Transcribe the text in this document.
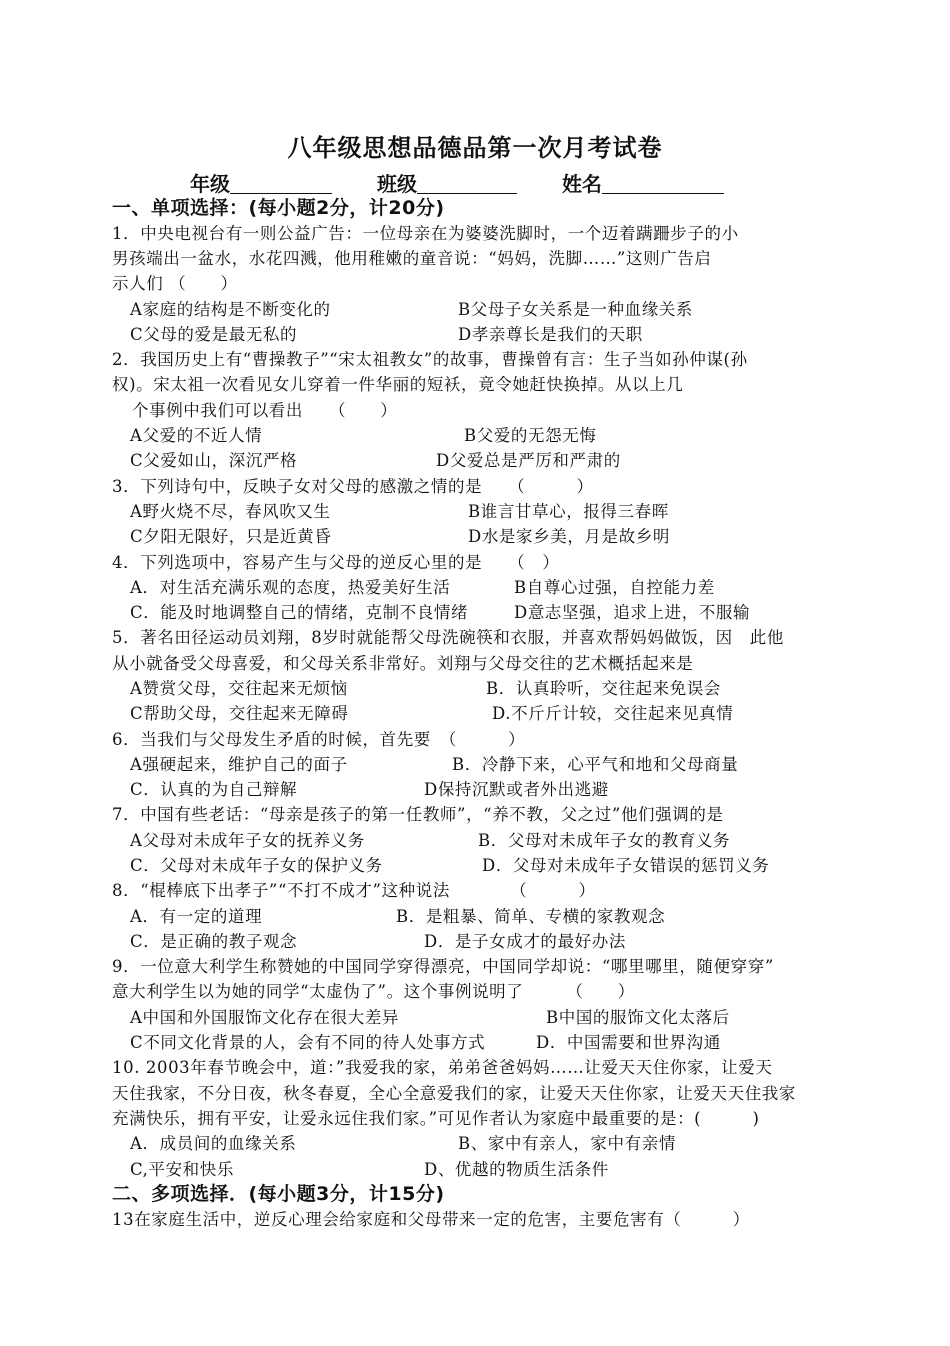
八年级思想品德品第一次月考试卷
年级	班级	姓名
一、单项选择：(每小题2分，计20分)
1．中央电视台有一则公益广告：一位母亲在为婆婆洗脚时，一个迈着蹒跚步子的小
男孩端出一盆水，水花四溅，他用稚嫩的童音说：“妈妈，洗脚……”这则广告启
示人们 （　　）
A家庭的结构是不断变化的	B父母子女关系是一种血缘关系
C父母的爱是最无私的	D孝亲尊长是我们的天职
2．我国历史上有“曹操教子”“宋太祖教女”的故事，曹操曾有言：生子当如孙仲谋(孙
权)。宋太祖一次看见女儿穿着一件华丽的短袄，竟令她赶快换掉。从以上几
个事例中我们可以看出　　（　　）
A父爱的不近人情	B父爱的无怨无悔
C父爱如山，深沉严格	D父爱总是严厉和严肃的
3．下列诗句中，反映子女对父母的感激之情的是　　（　　　）
A野火烧不尽，春风吹又生	B谁言甘草心，报得三春晖
C夕阳无限好，只是近黄昏	D水是家乡美，月是故乡明
4．下列选项中，容易产生与父母的逆反心里的是　　（　）
A．对生活充满乐观的态度，热爱美好生活	B自尊心过强，自控能力差
C．能及时地调整自己的情绪，克制不良情绪	D意志坚强，追求上进，不服输
5．著名田径运动员刘翔，8岁时就能帮父母洗碗筷和衣服，并喜欢帮妈妈做饭，因　此他
从小就备受父母喜爱，和父母关系非常好。刘翔与父母交往的艺术概括起来是
A赞赏父母，交往起来无烦恼	B．认真聆听，交往起来免误会
C帮助父母，交往起来无障碍	D.不斤斤计较，交往起来见真情
6．当我们与父母发生矛盾的时候，首先要　（　　　）
A强硬起来，维护自己的面子	B．冷静下来，心平气和地和父母商量
C．认真的为自己辩解	D保持沉默或者外出逃避
7．中国有些老话：“母亲是孩子的第一任教师”，“养不教，父之过”他们强调的是
A父母对未成年子女的抚养义务	B．父母对未成年子女的教育义务
C．父母对未成年子女的保护义务	D．父母对未成年子女错误的惩罚义务
8．“棍棒底下出孝子”“不打不成才”这种说法　　　　（　　　）
A．有一定的道理	B．是粗暴、简单、专横的家教观念
C．是正确的教子观念	D．是子女成才的最好办法
9．一位意大利学生称赞她的中国同学穿得漂亮，中国同学却说：“哪里哪里，随便穿穿”
意大利学生以为她的同学“太虚伪了”。这个事例说明了　　　（　　）
A中国和外国服饰文化存在很大差异	B中国的服饰文化太落后
C不同文化背景的人，会有不同的待人处事方式	D．中国需要和世界沟通
10. 2003年春节晚会中，道：”我爱我的家，弟弟爸爸妈妈……让爱天天住你家，让爱天
天住我家，不分日夜，秋冬春夏，全心全意爱我们的家，让爱天天住你家，让爱天天住我家
充满快乐，拥有平安，让爱永远住我们家。”可见作者认为家庭中最重要的是：(　　　)
A．成员间的血缘关系	B、家中有亲人，家中有亲情
C,平安和快乐	D、优越的物质生活条件
二、多项选择．(每小题3分，计15分)
13在家庭生活中，逆反心理会给家庭和父母带来一定的危害，主要危害有（　　　）
